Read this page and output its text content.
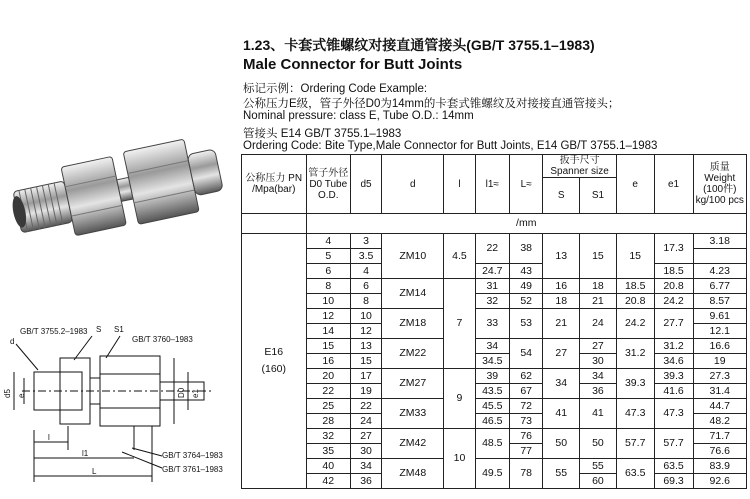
1.23、卡套式锥螺纹对接直通管接头(GB/T 3755.1–1983)
Male Connector for Butt Joints
标记示例：Ordering Code Example:
公称压力E级，管子外径D0为14mm的卡套式锥螺纹及对接接直通管接头；
Nominal pressure: class E, Tube O.D.: 14mm
管接头 E14 GB/T 3755.1–1983
Ordering Code: Bite Type,Male Connector for Butt Joints, E14 GB/T 3755.1–1983
GB/T 3755.2–1983
GB/T 3760–1983
S S1
d
d5 e	D0 e1
l
l1
L
GB/T 3764–1983
GB/T 3761–1983
公称压力 PN /Mpa(bar)	管子外径 D0 Tube O.D.	d5	d	l	l1≈	L≈	扳手尺寸 Spanner size		e	e1	质量 Weight (100件) kg/100 pcs
							S	S1			
	/mm										

E16
(160)	4	3	ZM10	4.5	22	38	13	15	15	17.3	3.18
	5	3.5									
	6	4			24.7	43				18.5	4.23
	8	6	ZM14	7	31	49	16	18	18.5	20.8	6.77
	10	8			32	52	18	21	20.8	24.2	8.57
	12	10	ZM18		33	53	21	24	24.2	27.7	9.61
	14	12									12.1
	15	13	ZM22		34	54	27	27	31.2	31.2	16.6
	16	15			34.5			30		34.6	19
	20	17	ZM27	9	39	62	34	34	39.3	39.3	27.3
	22	19			43.5	67		36		41.6	31.4
	25	22	ZM33		45.5	72	41	41	47.3	47.3	44.7
	28	24			46.5	73					48.2
	32	27	ZM42	10	48.5	76	50	50	57.7	57.7	71.7
	35	30				77					76.6
	40	34	ZM48		49.5	78	55	55	63.5	63.5	83.9
	42	36						60		69.3	92.6
